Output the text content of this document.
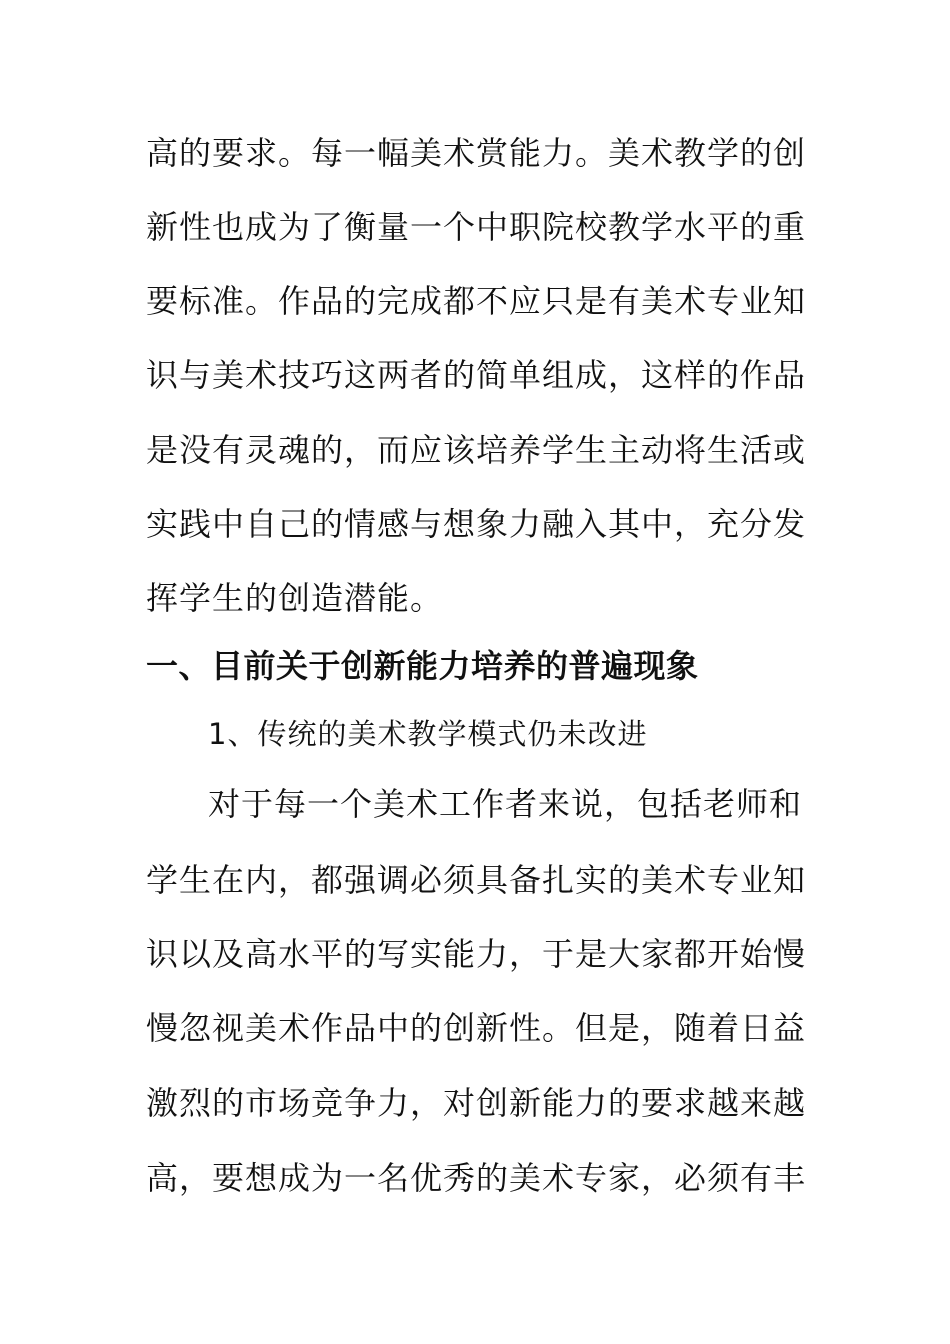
高的要求。每一幅美术赏能力。美术教学的创
新性也成为了衡量一个中职院校教学水平的重
要标准。作品的完成都不应只是有美术专业知
识与美术技巧这两者的简单组成，这样的作品
是没有灵魂的，而应该培养学生主动将生活或
实践中自己的情感与想象力融入其中，充分发
挥学生的创造潜能。
一、目前关于创新能力培养的普遍现象
1、传统的美术教学模式仍未改进
对于每一个美术工作者来说，包括老师和
学生在内，都强调必须具备扎实的美术专业知
识以及高水平的写实能力，于是大家都开始慢
慢忽视美术作品中的创新性。但是，随着日益
激烈的市场竞争力，对创新能力的要求越来越
高，要想成为一名优秀的美术专家，必须有丰
